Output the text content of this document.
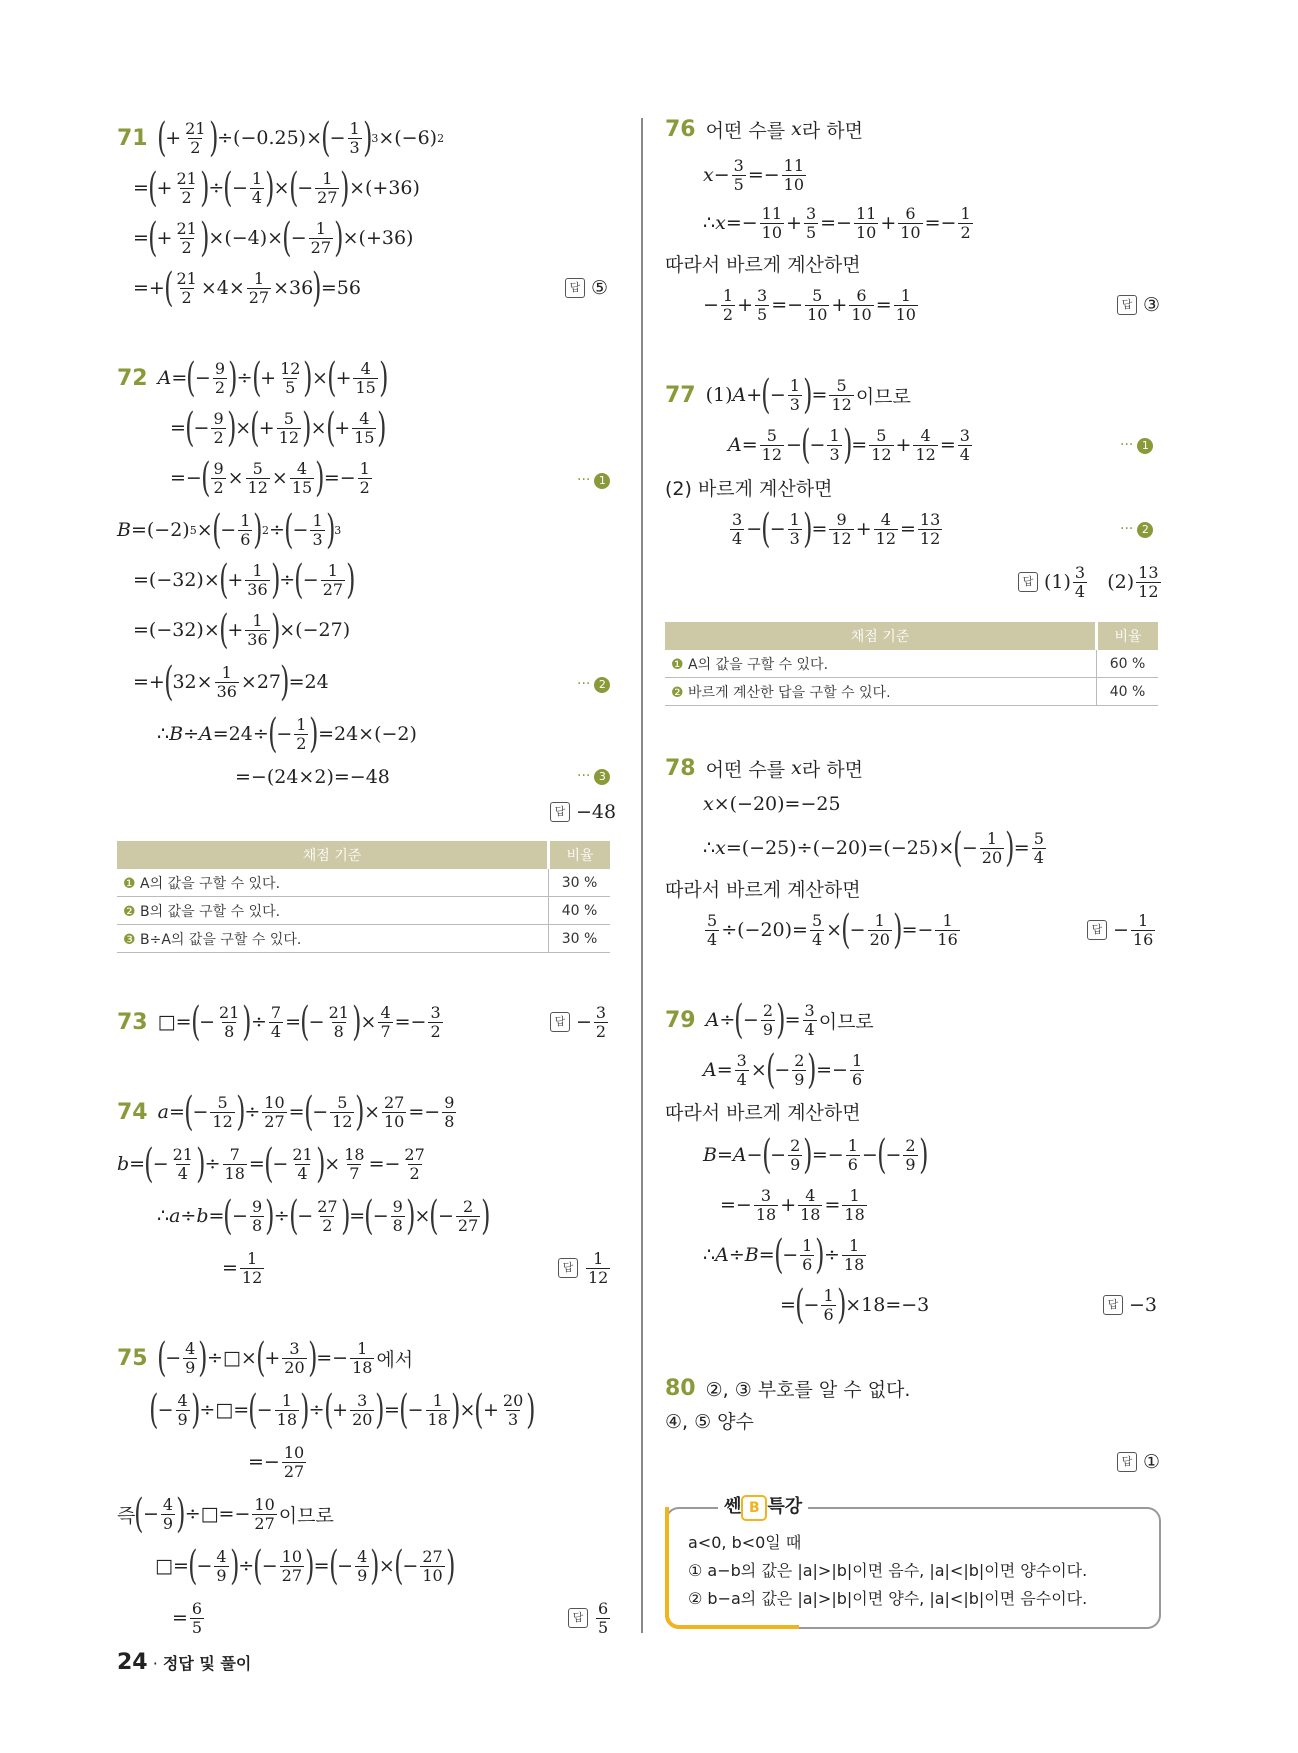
71 ( + $\frac{21}{2}$ ) ÷(−0.25)× ( − $\frac{1}{3}$ ) 3 ×(−6) 2
= ( + $\frac{21}{2}$ ) ÷ ( − $\frac{1}{4}$ ) × ( − $\frac{1}{27}$ ) ×(+36)
= ( + $\frac{21}{2}$ ) ×(−4)× ( − $\frac{1}{27}$ ) ×(+36)
=+ ( $\frac{21}{2} \times 4\times \frac{1}{27} \times 36$ ) =56	답 ⑤
72 A = ( − $\frac{9}{2}$ ) ÷ ( + $\frac{12}{5}$ ) × ( + $\frac{4}{15}$ )
= ( − $\frac{9}{2}$ ) × ( + $\frac{5}{12}$ ) × ( + $\frac{4}{15}$ )
=− ( $\frac{9}{2} \times \frac{5}{12} \times \frac{4}{15}$ ) =− $\frac{1}{2}$	··· 1
B =(−2) 5 × ( − $\frac{1}{6}$ ) 2 ÷ ( − $\frac{1}{3}$ ) 3
=(−32)× ( + $\frac{1}{36}$ ) ÷ ( − $\frac{1}{27}$ )
=(−32)× ( + $\frac{1}{36}$ ) ×(−27)
=+ ( $32\times \frac{1}{36} \times 27$ ) =24	··· 2
∴ B ÷ A =24÷ ( − $\frac{1}{2}$ ) =24×(−2)
=−(24×2)=−48	··· 3
답 −48
채점 기준	비율
❶ A의 값을 구할 수 있다.	30 %
❷ B의 값을 구할 수 있다.	40 %
❸ B÷A의 값을 구할 수 있다.	30 %
73 □= ( − $\frac{21}{8}$ ) ÷ $\frac{7}{4}$ = ( − $\frac{21}{8}$ ) × $\frac{4}{7} =- \frac{3}{2}$	답 − $\frac{3}{2}$
74 a = ( − $\frac{5}{12}$ ) ÷ $\frac{10}{27}$ = ( − $\frac{5}{12}$ ) × $\frac{27}{10} =- \frac{9}{8}$
b = ( − $\frac{21}{4}$ ) ÷ $\frac{7}{18}$ = ( − $\frac{21}{4}$ ) × $\frac{18}{7} =- \frac{27}{2}$
∴ a ÷ b = ( − $\frac{9}{8}$ ) ÷ ( − $\frac{27}{2}$ ) = ( − $\frac{9}{8}$ ) × ( − $\frac{2}{27}$ )
= $\frac{1}{12}$	답 $\frac{1}{12}$
75 ( − $\frac{4}{9}$ ) ÷□× ( + $\frac{3}{20}$ ) =− $\frac{1}{18}$ 에서
( − $\frac{4}{9}$ ) ÷□= ( − $\frac{1}{18}$ ) ÷ ( + $\frac{3}{20}$ ) = ( − $\frac{1}{18}$ ) × ( + $\frac{20}{3}$ )
=− $\frac{10}{27}$
즉 ( − $\frac{4}{9}$ ) ÷□=− $\frac{10}{27}$ 이므로
□= ( − $\frac{4}{9}$ ) ÷ ( − $\frac{10}{27}$ ) = ( − $\frac{4}{9}$ ) × ( − $\frac{27}{10}$ )
= $\frac{6}{5}$	답 $\frac{6}{5}$
24 · 정답 및 풀이
76 어떤 수를
x 라 하면
$x - \frac{3}{5} =- \frac{11}{10}$
∴ $x =- \frac{11}{10} + \frac{3}{5} =- \frac{11}{10} + \frac{6}{10} =- \frac{1}{2}$
따라서 바르게 계산하면
− $\frac{1}{2} + \frac{3}{5} =- \frac{5}{10} + \frac{6}{10} = \frac{1}{10}$	답 ③
77 (1) A + ( − $\frac{1}{3}$ ) = $\frac{5}{12}$ 이므로
$A = \frac{5}{12}$ − ( − $\frac{1}{3}$ ) = $\frac{5}{12} + \frac{4}{12} = \frac{3}{4}$	··· 1
(2) 바르게 계산하면
$\frac{3}{4}$ − ( − $\frac{1}{3}$ ) = $\frac{9}{12} + \frac{4}{12} = \frac{13}{12}$	··· 2
답 $(1) \frac{3}{4} (2) \frac{13}{12}$
채점 기준	비율
❶ A의 값을 구할 수 있다.	60 %
❷ 바르게 계산한 답을 구할 수 있다.	40 %
78 어떤 수를
x 라 하면
x ×(−20)=−25
∴ x =(−25)÷(−20)=(−25)× ( − $\frac{1}{20}$ ) = $\frac{5}{4}$
따라서 바르게 계산하면
$\frac{5}{4} \div(-20)= \frac{5}{4}$ × ( − $\frac{1}{20}$ ) =− $\frac{1}{16}$	답 − $\frac{1}{16}$
79 A ÷ ( − $\frac{2}{9}$ ) = $\frac{3}{4}$ 이므로
$A = \frac{3}{4}$ × ( − $\frac{2}{9}$ ) =− $\frac{1}{6}$
따라서 바르게 계산하면
B = A − ( − $\frac{2}{9}$ ) =− $\frac{1}{6}$ − ( − $\frac{2}{9}$ )
=− $\frac{3}{18} + \frac{4}{18} = \frac{1}{18}$
∴ A ÷ B = ( − $\frac{1}{6}$ ) ÷ $\frac{1}{18}$
= ( − $\frac{1}{6}$ ) ×18=−3	답 −3
80 ②, ③ 부호를 알 수 없다.
④, ⑤ 양수
답 ①
쎈 B 특강
a<0, b<0일 때
① a−b의 값은 |a|>|b|이면 음수, |a|<|b|이면 양수이다.
② b−a의 값은 |a|>|b|이면 양수, |a|<|b|이면 음수이다.
